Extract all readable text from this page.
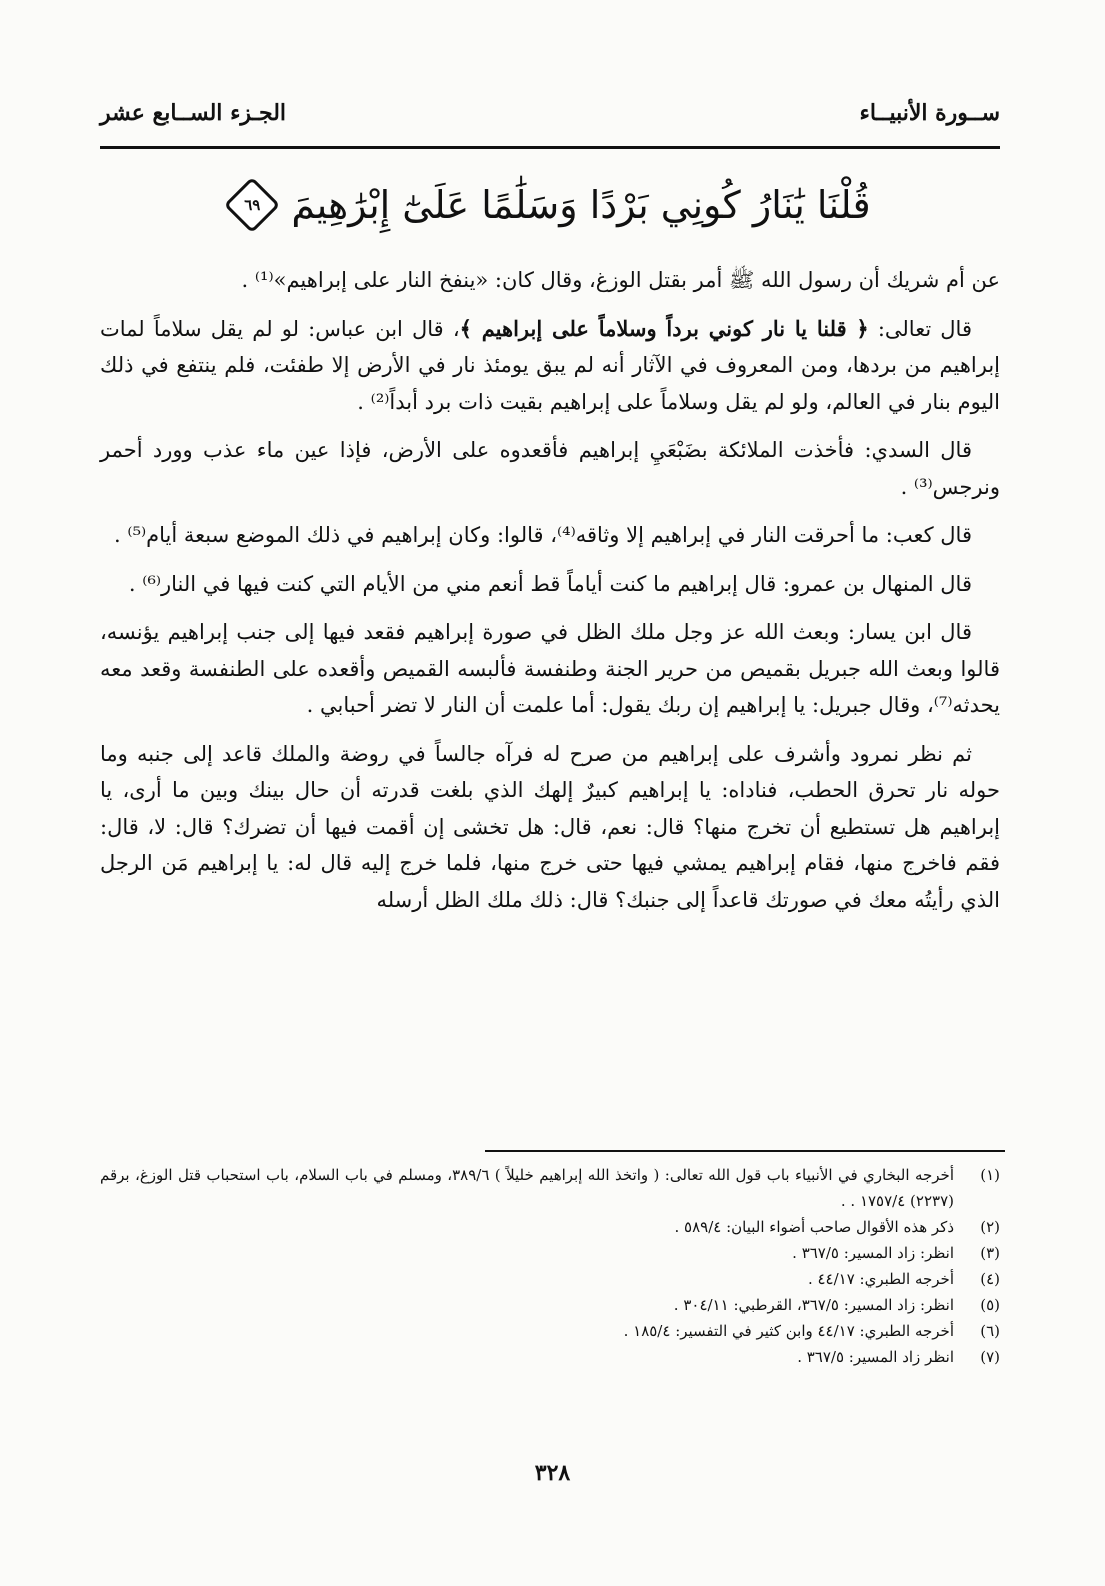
ســورة الأنبيــاء
الجـزء الســابع عشر
قُلْنَا يَٰنَارُ كُونِي بَرْدًا وَسَلَٰمًا عَلَىٰٓ إِبْرَٰهِيمَ
٦٩

عن أم شريك أن رسول الله ﷺ أمر بقتل الوزغ، وقال كان: «ينفخ النار على إبراهيم»⁽¹⁾ .

قال تعالى: ﴿ قلنا يا نار كوني برداً وسلاماً على إبراهيم ﴾، قال ابن عباس: لو لم يقل سلاماً لمات إبراهيم من بردها، ومن المعروف في الآثار أنه لم يبق يومئذ نار في الأرض إلا طفئت، فلم ينتفع في ذلك اليوم بنار في العالم، ولو لم يقل وسلاماً على إبراهيم بقيت ذات برد أبداً⁽²⁾ .

قال السدي: فأخذت الملائكة بضَبْعَيِ إبراهيم فأقعدوه على الأرض، فإذا عين ماء عذب وورد أحمر ونرجس⁽³⁾ .

قال كعب: ما أحرقت النار في إبراهيم إلا وثاقه⁽⁴⁾، قالوا: وكان إبراهيم في ذلك الموضع سبعة أيام⁽⁵⁾ .

قال المنهال بن عمرو: قال إبراهيم ما كنت أياماً قط أنعم مني من الأيام التي كنت فيها في النار⁽⁶⁾ .

قال ابن يسار: وبعث الله عز وجل ملك الظل في صورة إبراهيم فقعد فيها إلى جنب إبراهيم يؤنسه، قالوا وبعث الله جبريل بقميص من حرير الجنة وطنفسة فألبسه القميص وأقعده على الطنفسة وقعد معه يحدثه⁽⁷⁾، وقال جبريل: يا إبراهيم إن ربك يقول: أما علمت أن النار لا تضر أحبابي .

ثم نظر نمرود وأشرف على إبراهيم من صرح له فرآه جالساً في روضة والملك قاعد إلى جنبه وما حوله نار تحرق الحطب، فناداه: يا إبراهيم كبيرٌ إلهك الذي بلغت قدرته أن حال بينك وبين ما أرى، يا إبراهيم هل تستطيع أن تخرج منها؟ قال: نعم، قال: هل تخشى إن أقمت فيها أن تضرك؟ قال: لا، قال: فقم فاخرج منها، فقام إبراهيم يمشي فيها حتى خرج منها، فلما خرج إليه قال له: يا إبراهيم مَن الرجل الذي رأيتُه معك في صورتك قاعداً إلى جنبك؟ قال: ذلك ملك الظل أرسله

(١)
أخرجه البخاري في الأنبياء باب قول الله تعالى: ( واتخذ الله إبراهيم خليلاً ) ٣٨٩/٦، ومسلم في باب السلام، باب استحباب قتل الوزغ، برقم (٢٢٣٧) ١٧٥٧/٤ . .
(٢)
ذكر هذه الأقوال صاحب أضواء البيان: ٥٨٩/٤ .
(٣)
انظر: زاد المسير: ٣٦٧/٥ .
(٤)
أخرجه الطبري: ٤٤/١٧ .
(٥)
انظر: زاد المسير: ٣٦٧/٥، القرطبي: ٣٠٤/١١ .
(٦)
أخرجه الطبري: ٤٤/١٧ وابن كثير في التفسير: ١٨٥/٤ .
(٧)
انظر زاد المسير: ٣٦٧/٥ .
٣٢٨
